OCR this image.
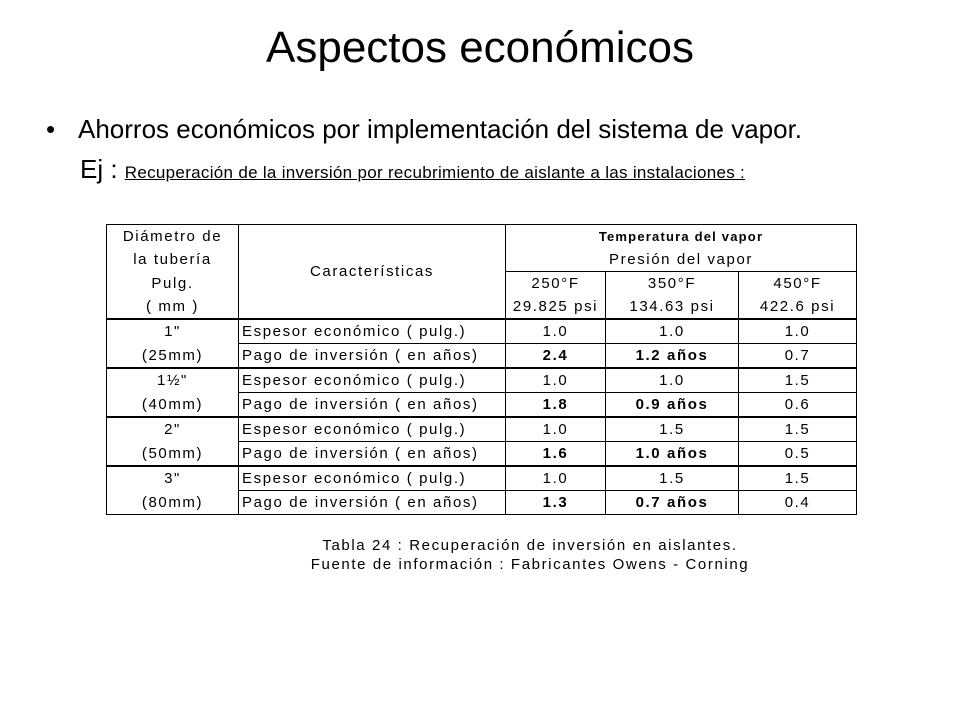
Aspectos económicos
• Ahorros económicos por implementación del sistema de vapor.
Ej : Recuperación de la inversión por recubrimiento de aislante a las instalaciones :
Diámetro de	Características	Temperatura del vapor		
la tubería		Presión del vapor		
Pulg.		250°F	350°F	450°F
( mm )		29.825 psi	134.63 psi	422.6 psi
1"	Espesor económico ( pulg.)	1.0	1.0	1.0
(25mm)	Pago de inversión ( en años)	2.4	1.2 años	0.7
1½"	Espesor económico ( pulg.)	1.0	1.0	1.5
(40mm)	Pago de inversión ( en años)	1.8	0.9 años	0.6
2"	Espesor económico ( pulg.)	1.0	1.5	1.5
(50mm)	Pago de inversión ( en años)	1.6	1.0 años	0.5
3"	Espesor económico ( pulg.)	1.0	1.5	1.5
(80mm)	Pago de inversión ( en años)	1.3	0.7 años	0.4
Tabla 24 : Recuperación de inversión en aislantes.
Fuente de información : Fabricantes Owens - Corning
